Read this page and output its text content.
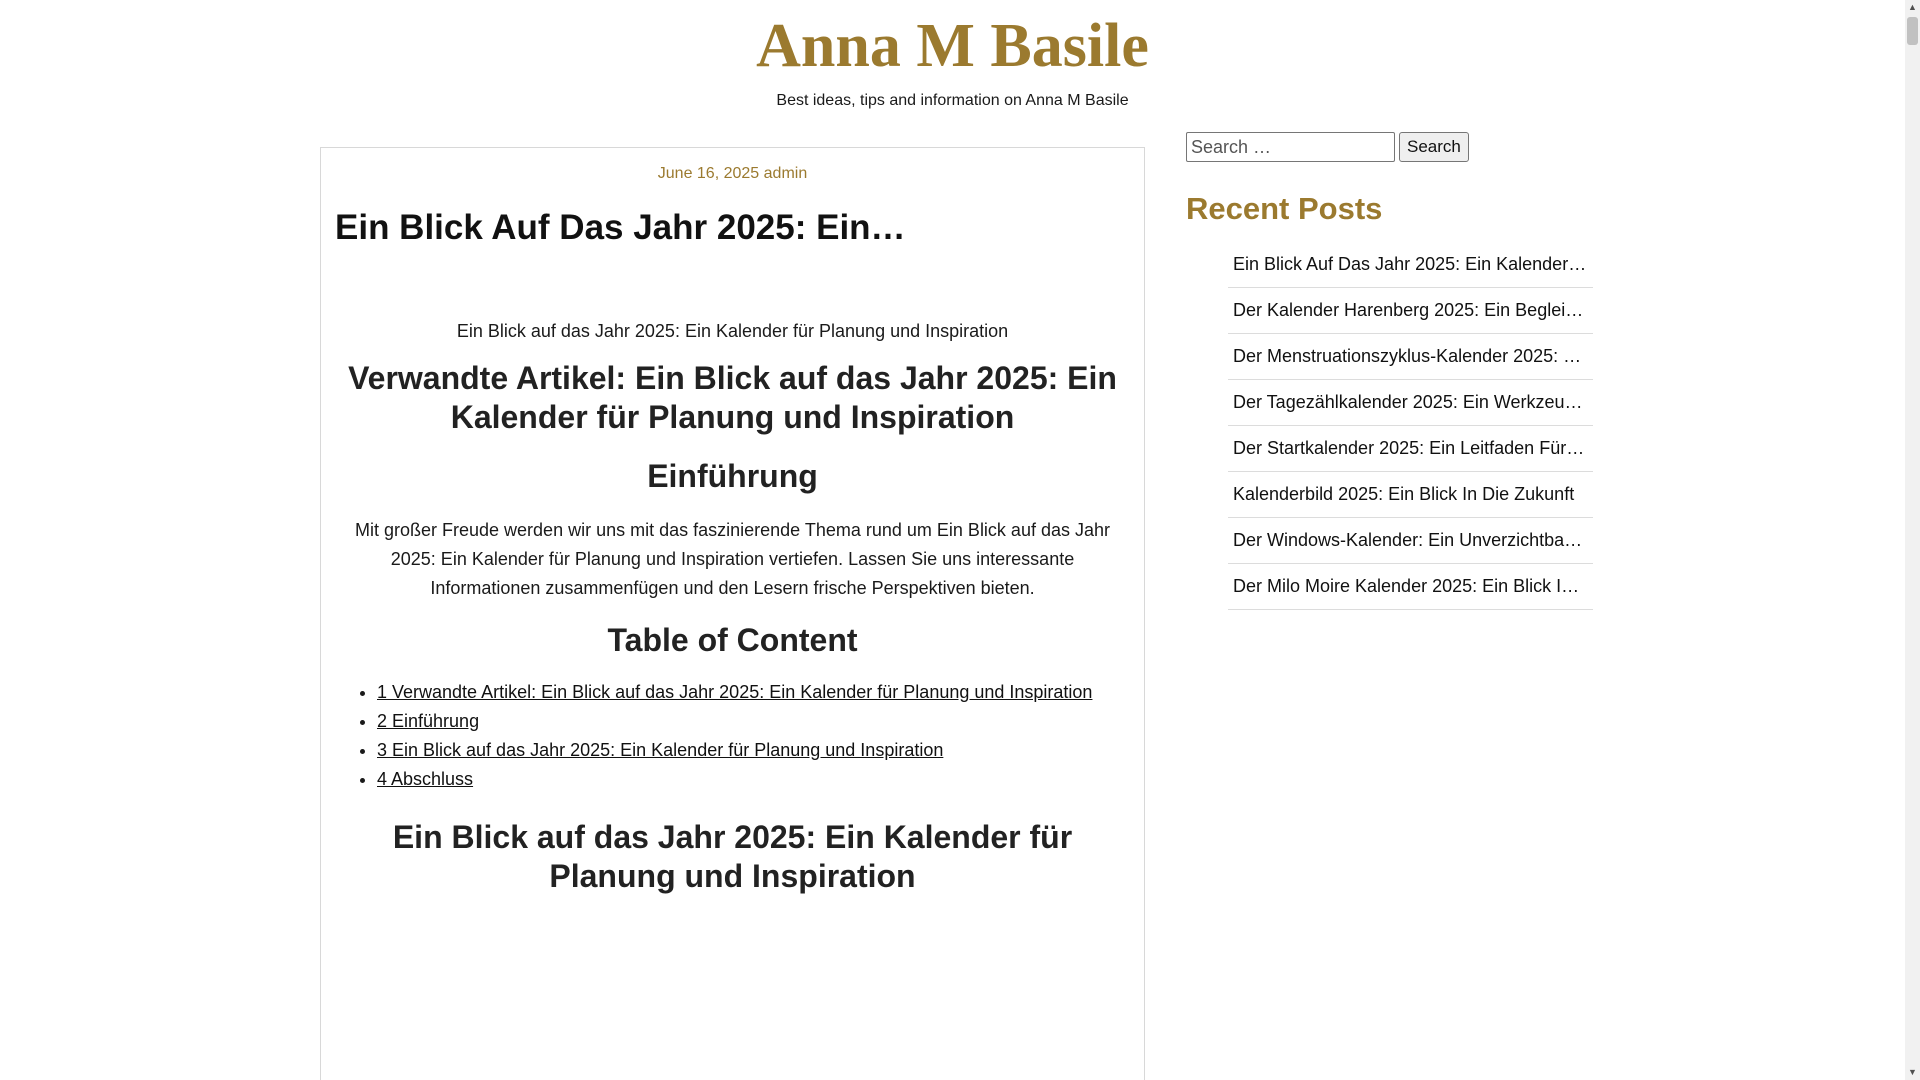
Anna M Basile
Best ideas, tips and information on Anna M Basile
June 16, 2025 admin
Ein Blick Auf Das Jahr 2025: Ein…
Ein Blick auf das Jahr 2025: Ein Kalender für Planung und Inspiration
Verwandte Artikel: Ein Blick auf das Jahr 2025: Ein Kalender für Planung und Inspiration
Einführung

Mit großer Freude werden wir uns mit das faszinierende Thema rund um Ein Blick auf das Jahr 2025: Ein Kalender für Planung und Inspiration vertiefen. Lassen Sie uns interessante Informationen zusammenfügen und den Lesern frische Perspektiven bieten.

Table of Content
• 1 Verwandte Artikel: Ein Blick auf das Jahr 2025: Ein Kalender für Planung und Inspiration
• 2 Einführung
• 3 Ein Blick auf das Jahr 2025: Ein Kalender für Planung und Inspiration
• 4 Abschluss
Ein Blick auf das Jahr 2025: Ein Kalender für Planung und Inspiration
Search …
Search
Recent Posts
Ein Blick Auf Das Jahr 2025: Ein Kalender…
Der Kalender Harenberg 2025: Ein Beglei…
Der Menstruationszyklus-Kalender 2025: …
Der Tagezählkalender 2025: Ein Werkzeu…
Der Startkalender 2025: Ein Leitfaden Für…
Kalenderbild 2025: Ein Blick In Die Zukunft
Der Windows-Kalender: Ein Unverzichtba…
Der Milo Moire Kalender 2025: Ein Blick I…
▲
▼
